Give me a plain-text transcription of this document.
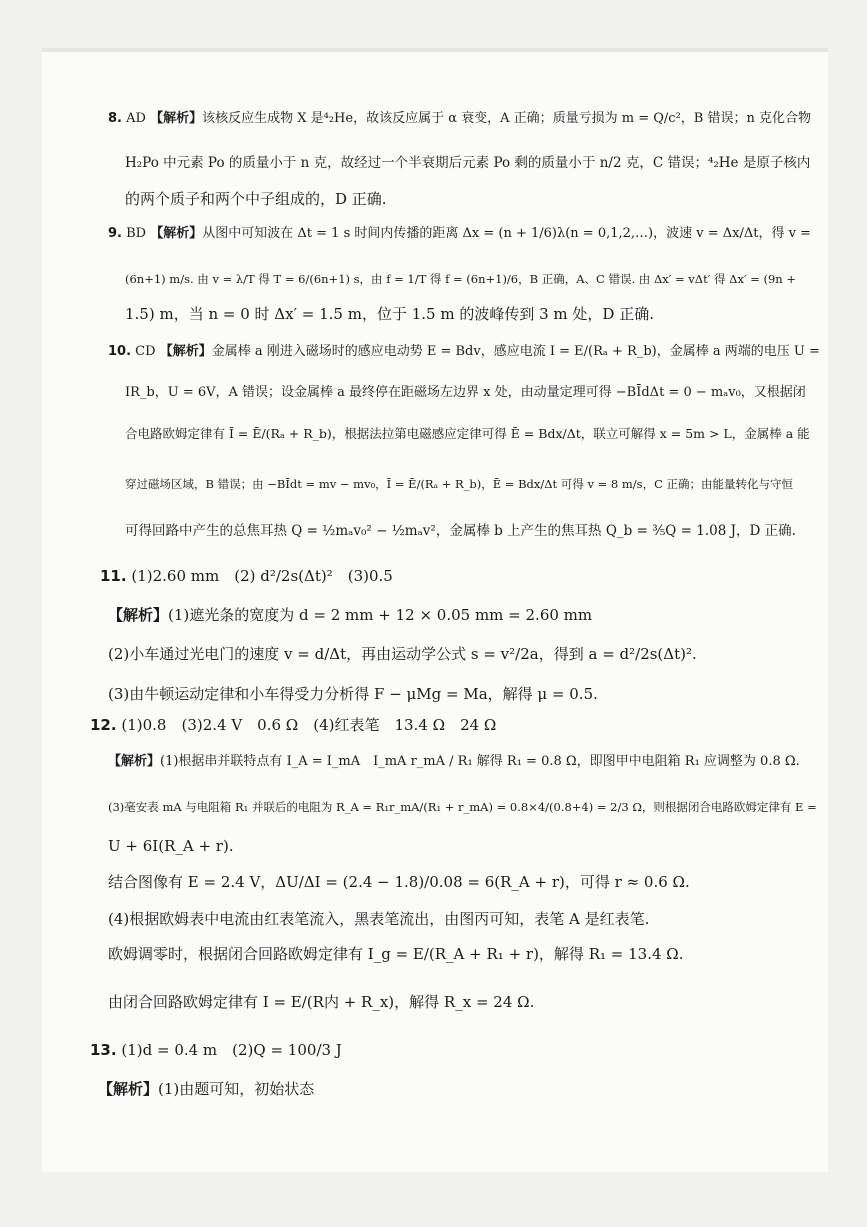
8. AD 【解析】该核反应生成物 X 是⁴₂He，故该反应属于 α 衰变，A 正确；质量亏损为 m = Q/c²，B 错误；n 克化合物
H₂Po 中元素 Po 的质量小于 n 克，故经过一个半衰期后元素 Po 剩的质量小于 n/2 克，C 错误；⁴₂He 是原子核内
的两个质子和两个中子组成的，D 正确.
9. BD 【解析】从图中可知波在 Δt = 1 s 时间内传播的距离 Δx = (n + 1/6)λ(n = 0,1,2,…)，波速 v = Δx/Δt，得 v =
(6n+1) m/s. 由 v = λ/T 得 T = 6/(6n+1) s，由 f = 1/T 得 f = (6n+1)/6，B 正确，A、C 错误. 由 Δx′ = vΔt′ 得 Δx′ = (9n +
1.5) m，当 n = 0 时 Δx′ = 1.5 m，位于 1.5 m 的波峰传到 3 m 处，D 正确.
10. CD 【解析】金属棒 a 刚进入磁场时的感应电动势 E = Bdv，感应电流 I = E/(Rₐ + R_b)，金属棒 a 两端的电压 U =
IR_b，U = 6V，A 错误；设金属棒 a 最终停在距磁场左边界 x 处，由动量定理可得 −BĪdΔt = 0 − mₐv₀，又根据闭
合电路欧姆定律有 Ī = Ē/(Rₐ + R_b)，根据法拉第电磁感应定律可得 Ē = Bdx/Δt，联立可解得 x = 5m > L，金属棒 a 能
穿过磁场区域，B 错误；由 −BĪdt = mv − mv₀，Ī = Ē/(Rₐ + R_b)，Ē = Bdx/Δt 可得 v = 8 m/s，C 正确；由能量转化与守恒
可得回路中产生的总焦耳热 Q = ½mₐv₀² − ½mₐv²，金属棒 b 上产生的焦耳热 Q_b = ⅗Q = 1.08 J，D 正确.
11. (1)2.60 mm　(2) d²/2s(Δt)²　(3)0.5
【解析】(1)遮光条的宽度为 d = 2 mm + 12 × 0.05 mm = 2.60 mm
(2)小车通过光电门的速度 v = d/Δt，再由运动学公式 s = v²/2a，得到 a = d²/2s(Δt)².
(3)由牛顿运动定律和小车得受力分析得 F − μMg = Ma，解得 μ = 0.5.
12. (1)0.8　(3)2.4 V　0.6 Ω　(4)红表笔　13.4 Ω　24 Ω
【解析】(1)根据串并联特点有 I_A = I_mA　I_mA r_mA / R₁ 解得 R₁ = 0.8 Ω，即图甲中电阻箱 R₁ 应调整为 0.8 Ω.
(3)毫安表 mA 与电阻箱 R₁ 并联后的电阻为 R_A = R₁r_mA/(R₁ + r_mA) = 0.8×4/(0.8+4) = 2/3 Ω，则根据闭合电路欧姆定律有 E =
U + 6I(R_A + r).
结合图像有 E = 2.4 V，ΔU/ΔI = (2.4 − 1.8)/0.08 = 6(R_A + r)，可得 r ≈ 0.6 Ω.
(4)根据欧姆表中电流由红表笔流入，黑表笔流出，由图丙可知，表笔 A 是红表笔.
欧姆调零时，根据闭合回路欧姆定律有 I_g = E/(R_A + R₁ + r)，解得 R₁ = 13.4 Ω.
由闭合回路欧姆定律有 I = E/(R内 + R_x)，解得 R_x = 24 Ω.
13. (1)d = 0.4 m　(2)Q = 100/3 J
【解析】(1)由题可知，初始状态
